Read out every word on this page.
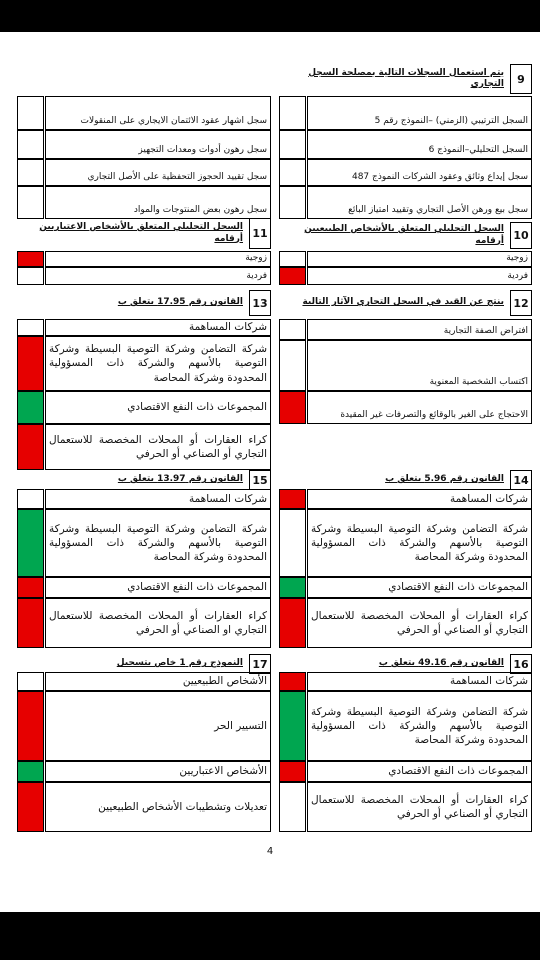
9
يتم استعمال السجلات التالية بمصلحة السجل التجاري
السجل الترتيبي (الزمني) –النموذج رقم 5
السجل التحليلي–النموذج 6
سجل إيداع وثائق وعقود الشركات النموذج 487
سجل بيع ورهن الأصل التجاري وتقييد امتياز البائع
سجل اشهار عقود الائتمان الايجاري على المنقولات
سجل رهون أدوات ومعدات التجهيز
سجل تقييد الحجوز التحفظية على الأصل التجاري
سجل رهون بعض المنتوجات والمواد
10
السجل التحليلي المتعلق بالأشخاص الطبيعيين أرقامه
11
السجل التحليلي المتعلق بالأشخاص الاعتباريين أرقامه
زوجية
فردية
زوجية
فردية
12
ينتج عن القيد في السجل التجاري الآثار التالية
13
القانون رقم 17.95 يتعلق ب
افتراض الصفة التجارية
اكتساب الشخصية المعنوية
الاحتجاج على الغير بالوقائع والتصرفات غير المقيدة
شركات المساهمة
شركة التضامن وشركة التوصية البسيطة وشركة التوصية بالأسهم والشركة ذات المسؤولية المحدودة وشركة المحاصة
المجموعات ذات النفع الاقتصادي
كراء العقارات أو المحلات المخصصة للاستعمال التجاري أو الصناعي أو الحرفي
14
القانون رقم 5.96 يتعلق ب
15
القانون رقم 13.97 يتعلق ب
شركات المساهمة
شركة التضامن وشركة التوصية البسيطة وشركة التوصية بالأسهم والشركة ذات المسؤولية المحدودة وشركة المحاصة
المجموعات ذات النفع الاقتصادي
كراء العقارات أو المحلات المخصصة للاستعمال التجاري أو الصناعي أو الحرفي
شركات المساهمة
شركة التضامن وشركة التوصية البسيطة وشركة التوصية بالأسهم والشركة ذات المسؤولية المحدودة وشركة المحاصة
المجموعات ذات النفع الاقتصادي
كراء العقارات أو المحلات المخصصة للاستعمال التجاري او الصناعي أو الحرفي
16
القانون رقم 49.16 يتعلق ب
17
النموذج رقم 1 خاص بتسجيل
شركات المساهمة
شركة التضامن وشركة التوصية البسيطة وشركة التوصية بالأسهم والشركة ذات المسؤولية المحدودة وشركة المحاصة
المجموعات ذات النفع الاقتصادي
كراء العقارات أو المحلات المخصصة للاستعمال التجاري أو الصناعي أو الحرفي
الأشخاص الطبيعيين
التسيير الحر
الأشخاص الاعتباريين
تعديلات وتشطيبات الأشخاص الطبيعيين
4
